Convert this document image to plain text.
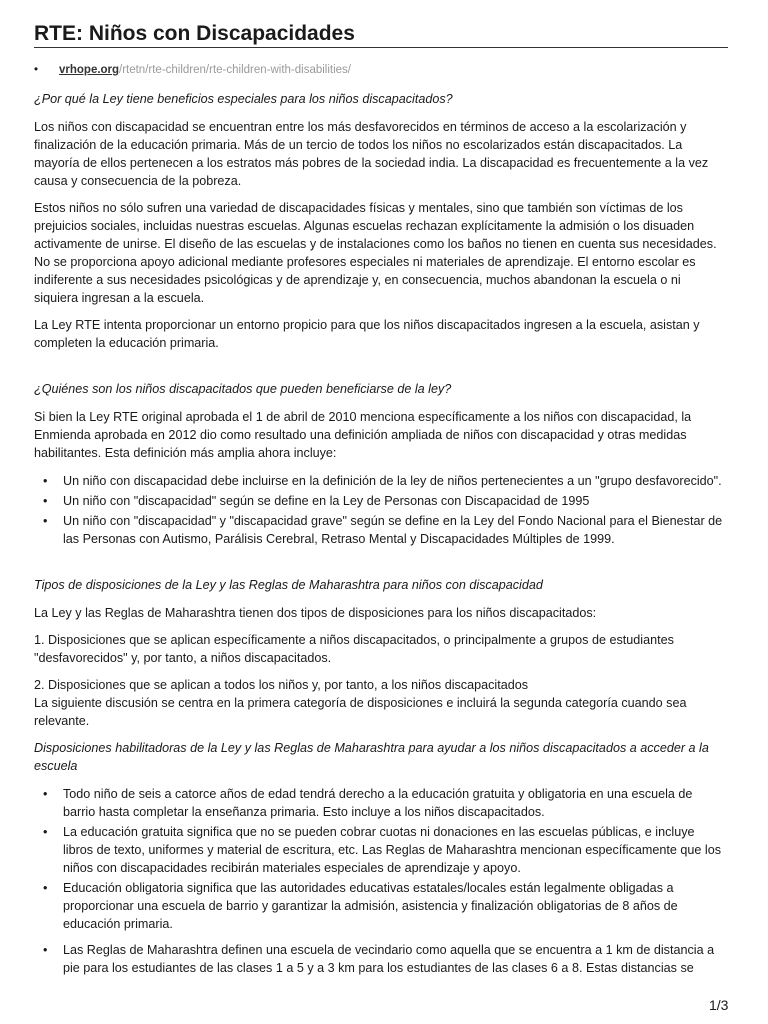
RTE: Niños con Discapacidades
• vrhope.org /rtetn/rte-children/rte-children-with-disabilities/

¿Por qué la Ley tiene beneficios especiales para los niños discapacitados?

Los niños con discapacidad se encuentran entre los más desfavorecidos en términos de acceso a la escolarización y finalización de la educación primaria. Más de un tercio de todos los niños no escolarizados están discapacitados. La mayoría de ellos pertenecen a los estratos más pobres de la sociedad india. La discapacidad es frecuentemente a la vez causa y consecuencia de la pobreza.

Estos niños no sólo sufren una variedad de discapacidades físicas y mentales, sino que también son víctimas de los prejuicios sociales, incluidas nuestras escuelas. Algunas escuelas rechazan explícitamente la admisión o los disuaden activamente de unirse. El diseño de las escuelas y de instalaciones como los baños no tienen en cuenta sus necesidades. No se proporciona apoyo adicional mediante profesores especiales ni materiales de aprendizaje. El entorno escolar es indiferente a sus necesidades psicológicas y de aprendizaje y, en consecuencia, muchos abandonan la escuela o ni siquiera ingresan a la escuela.

La Ley RTE intenta proporcionar un entorno propicio para que los niños discapacitados ingresen a la escuela, asistan y completen la educación primaria.

¿Quiénes son los niños discapacitados que pueden beneficiarse de la ley?

Si bien la Ley RTE original aprobada el 1 de abril de 2010 menciona específicamente a los niños con discapacidad, la Enmienda aprobada en 2012 dio como resultado una definición ampliada de niños con discapacidad y otras medidas habilitantes. Esta definición más amplia ahora incluye:

• Un niño con discapacidad debe incluirse en la definición de la ley de niños pertenecientes a un "grupo desfavorecido".
• Un niño con "discapacidad" según se define en la Ley de Personas con Discapacidad de 1995
• Un niño con "discapacidad" y "discapacidad grave" según se define en la Ley del Fondo Nacional para el Bienestar de las Personas con Autismo, Parálisis Cerebral, Retraso Mental y Discapacidades Múltiples de 1999.

Tipos de disposiciones de la Ley y las Reglas de Maharashtra para niños con discapacidad

La Ley y las Reglas de Maharashtra tienen dos tipos de disposiciones para los niños discapacitados:

1. Disposiciones que se aplican específicamente a niños discapacitados, o principalmente a grupos de estudiantes "desfavorecidos" y, por tanto, a niños discapacitados.

2. Disposiciones que se aplican a todos los niños y, por tanto, a los niños discapacitados

La siguiente discusión se centra en la primera categoría de disposiciones e incluirá la segunda categoría cuando sea relevante.

Disposiciones habilitadoras de la Ley y las Reglas de Maharashtra para ayudar a los niños discapacitados a acceder a la escuela

• Todo niño de seis a catorce años de edad tendrá derecho a la educación gratuita y obligatoria en una escuela de barrio hasta completar la enseñanza primaria. Esto incluye a los niños discapacitados.
• La educación gratuita significa que no se pueden cobrar cuotas ni donaciones en las escuelas públicas, e incluye libros de texto, uniformes y material de escritura, etc. Las Reglas de Maharashtra mencionan específicamente que los niños con discapacidades recibirán materiales especiales de aprendizaje y apoyo.
• Educación obligatoria significa que las autoridades educativas estatales/locales están legalmente obligadas a proporcionar una escuela de barrio y garantizar la admisión, asistencia y finalización obligatorias de 8 años de educación primaria.
• Las Reglas de Maharashtra definen una escuela de vecindario como aquella que se encuentra a 1 km de distancia a pie para los estudiantes de las clases 1 a 5 y a 3 km para los estudiantes de las clases 6 a 8. Estas distancias se
1/3
